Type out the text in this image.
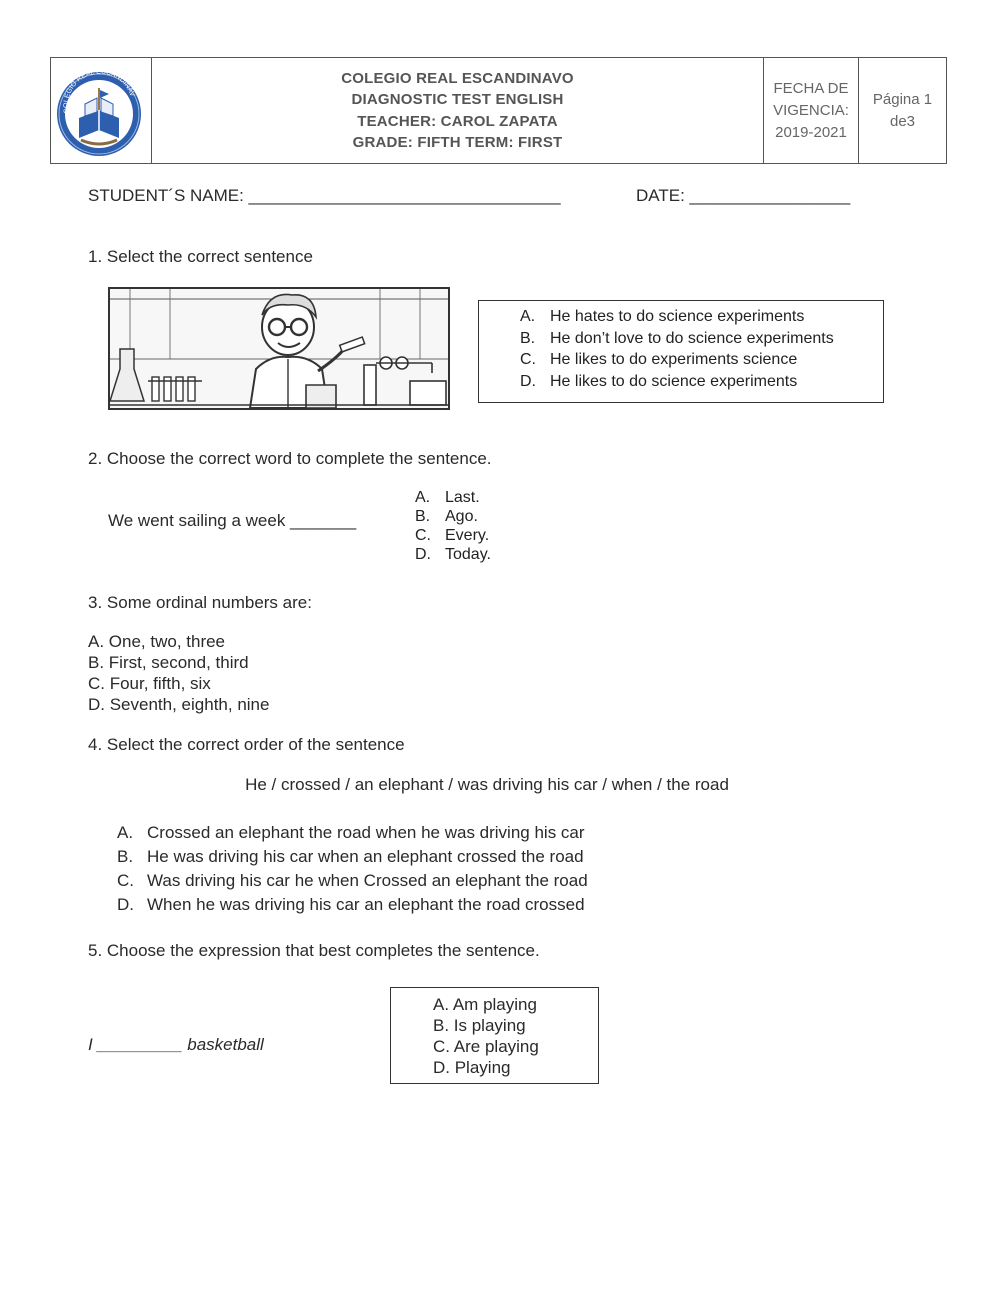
COLEGIO REAL ESCANDINAV
COLEGIO REAL ESCANDINAVO
DIAGNOSTIC TEST ENGLISH
TEACHER: CAROL ZAPATA
GRADE: FIFTH TERM: FIRST
FECHA DE
VIGENCIA:
2019-2021
Página 1
de3
STUDENT´S NAME: _________________________________	DATE: _________________
1. Select the correct sentence
A. He hates to do science experiments
B. He don’t love to do science experiments
C. He likes to do experiments science
D. He likes to do science experiments
2. Choose the correct word to complete the sentence.
We went sailing a week _______
A. Last.
B. Ago.
C. Every.
D. Today.
3. Some ordinal numbers are:
A. One, two, three
B. First, second, third
C. Four, fifth, six
D. Seventh, eighth, nine
4. Select the correct order of the sentence
He / crossed / an elephant / was driving his car / when / the road
A. Crossed an elephant the road when he was driving his car
B. He was driving his car when an elephant crossed the road
C. Was driving his car he when Crossed an elephant the road
D. When he was driving his car an elephant the road crossed
5. Choose the expression that best completes the sentence.
I _________ basketball
A. Am playing
B. Is playing
C. Are playing
D. Playing
